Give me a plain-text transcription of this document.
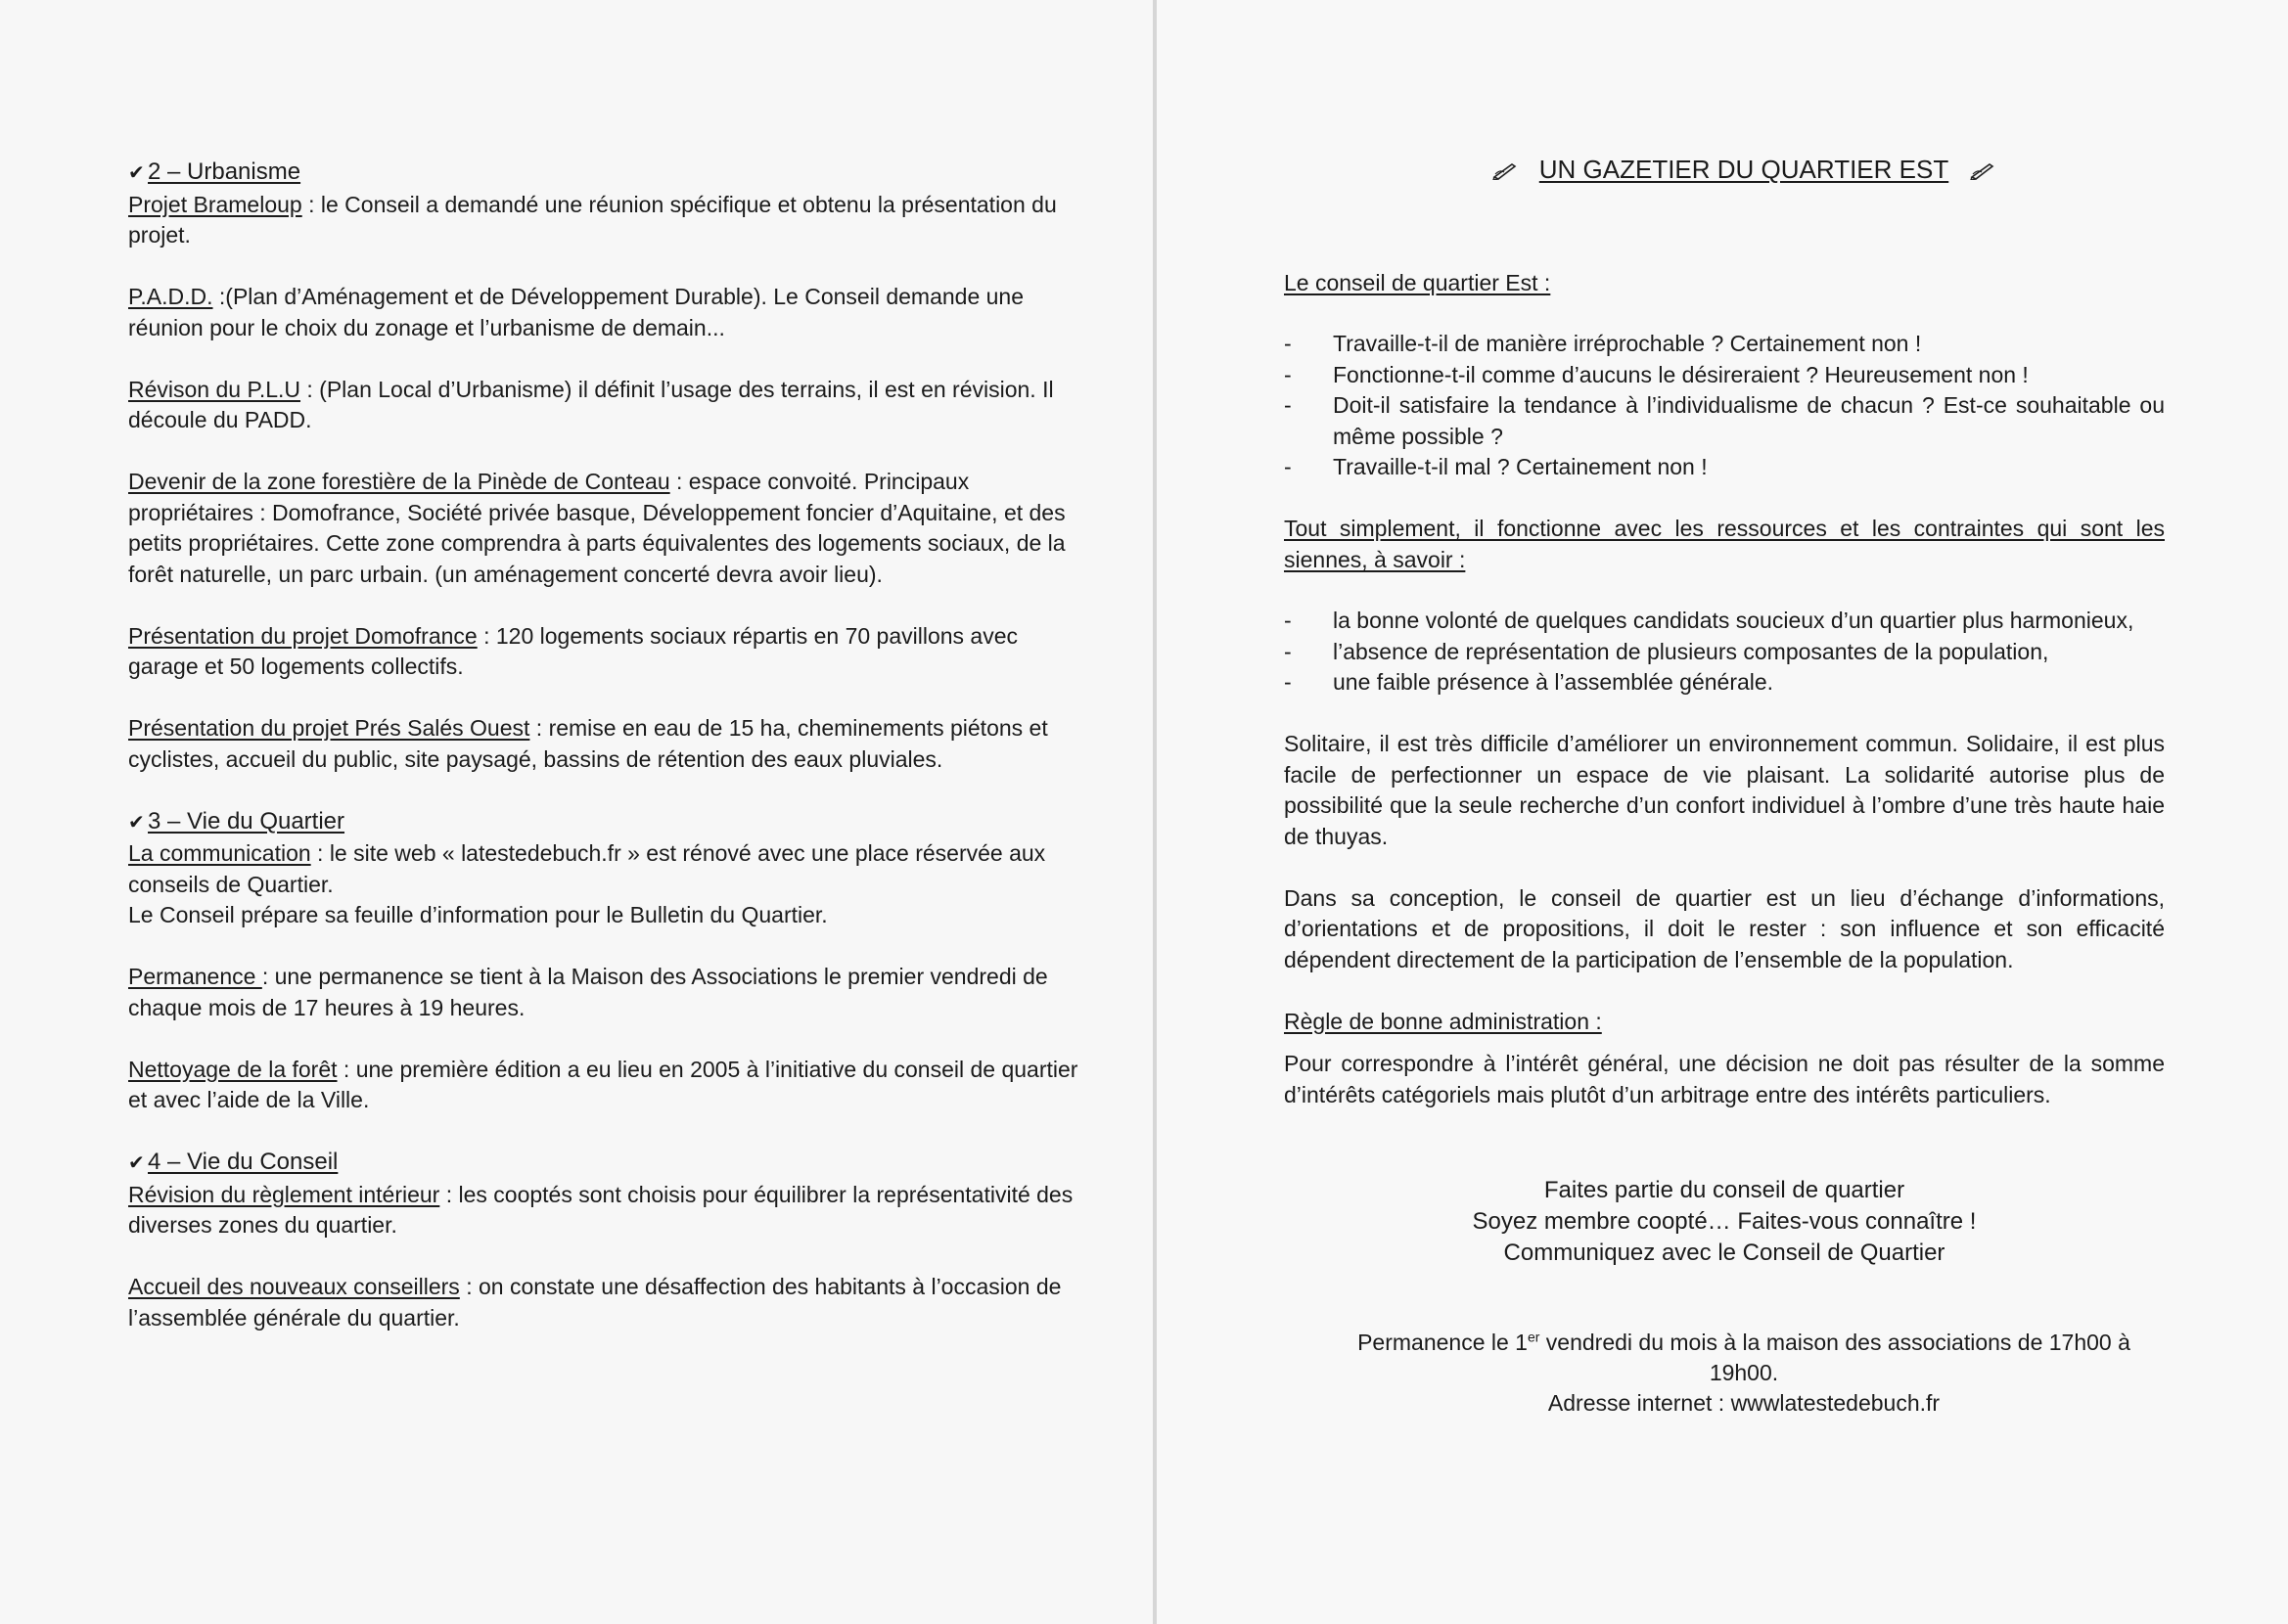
✔ 2 – Urbanisme

Projet Brameloup : le Conseil a demandé une réunion spécifique et obtenu la présentation du projet.

P.A.D.D. :(Plan d’Aménagement et de Développement Durable). Le Conseil demande une réunion pour le choix du zonage et l’urbanisme de demain...

Révison du P.L.U : (Plan Local d’Urbanisme) il définit l’usage des terrains, il est en révision. Il découle du PADD.

Devenir de la zone forestière de la Pinède de Conteau : espace convoité. Principaux propriétaires : Domofrance, Société privée basque, Développement foncier d’Aquitaine, et des petits propriétaires. Cette zone comprendra à parts équivalentes des logements sociaux, de la forêt naturelle, un parc urbain. (un aménagement concerté devra avoir lieu).

Présentation du projet Domofrance : 120 logements sociaux répartis en 70 pavillons avec garage et 50 logements collectifs.

Présentation du projet Prés Salés Ouest : remise en eau de 15 ha, cheminements piétons et cyclistes, accueil du public, site paysagé, bassins de rétention des eaux pluviales.

✔ 3 – Vie du Quartier

La communication : le site web « latestedebuch.fr » est rénové avec une place réservée aux conseils de Quartier.

Le Conseil prépare sa feuille d’information pour le Bulletin du Quartier.

Permanence : une permanence se tient à la Maison des Associations le premier vendredi de chaque mois de 17 heures à 19 heures.

Nettoyage de la forêt : une première édition a eu lieu en 2005 à l’initiative du conseil de quartier et avec l’aide de la Ville.

✔ 4 – Vie du Conseil

Révision du règlement intérieur : les cooptés sont choisis pour équilibrer la représentativité des diverses zones du quartier.

Accueil des nouveaux conseillers : on constate une désaffection des habitants à l’occasion de l’assemblée générale du quartier.

UN GAZETIER DU QUARTIER EST

Le conseil de quartier Est :

- Travaille-t-il de manière irréprochable ? Certainement non !
- Fonctionne-t-il comme d’aucuns le désireraient ? Heureusement non !
- Doit-il satisfaire la tendance à l’individualisme de chacun ? Est-ce souhaitable ou même possible ?
- Travaille-t-il mal ? Certainement non !

Tout simplement, il fonctionne avec les ressources et les contraintes qui sont les siennes, à savoir :

- la bonne volonté de quelques candidats soucieux d’un quartier plus harmonieux,
- l’absence de représentation de plusieurs composantes de la population,
- une faible présence à l’assemblée générale.

Solitaire, il est très difficile d’améliorer un environnement commun. Solidaire, il est plus facile de perfectionner un espace de vie plaisant. La solidarité autorise plus de possibilité que la seule recherche d’un confort individuel à l’ombre d’une très haute haie de thuyas.

Dans sa conception, le conseil de quartier est un lieu d’échange d’informations, d’orientations et de propositions, il doit le rester : son influence et son efficacité dépendent directement de la participation de l’ensemble de la population.

Règle de bonne administration :

Pour correspondre à l’intérêt général, une décision ne doit pas résulter de la somme d’intérêts catégoriels mais plutôt d’un arbitrage entre des intérêts particuliers.

Faites partie du conseil de quartier

Soyez membre coopté… Faites-vous connaître !

Communiquez avec le Conseil de Quartier

Permanence le 1er vendredi du mois à la maison des associations de 17h00 à 19h00.

Adresse internet : wwwlatestedebuch.fr
